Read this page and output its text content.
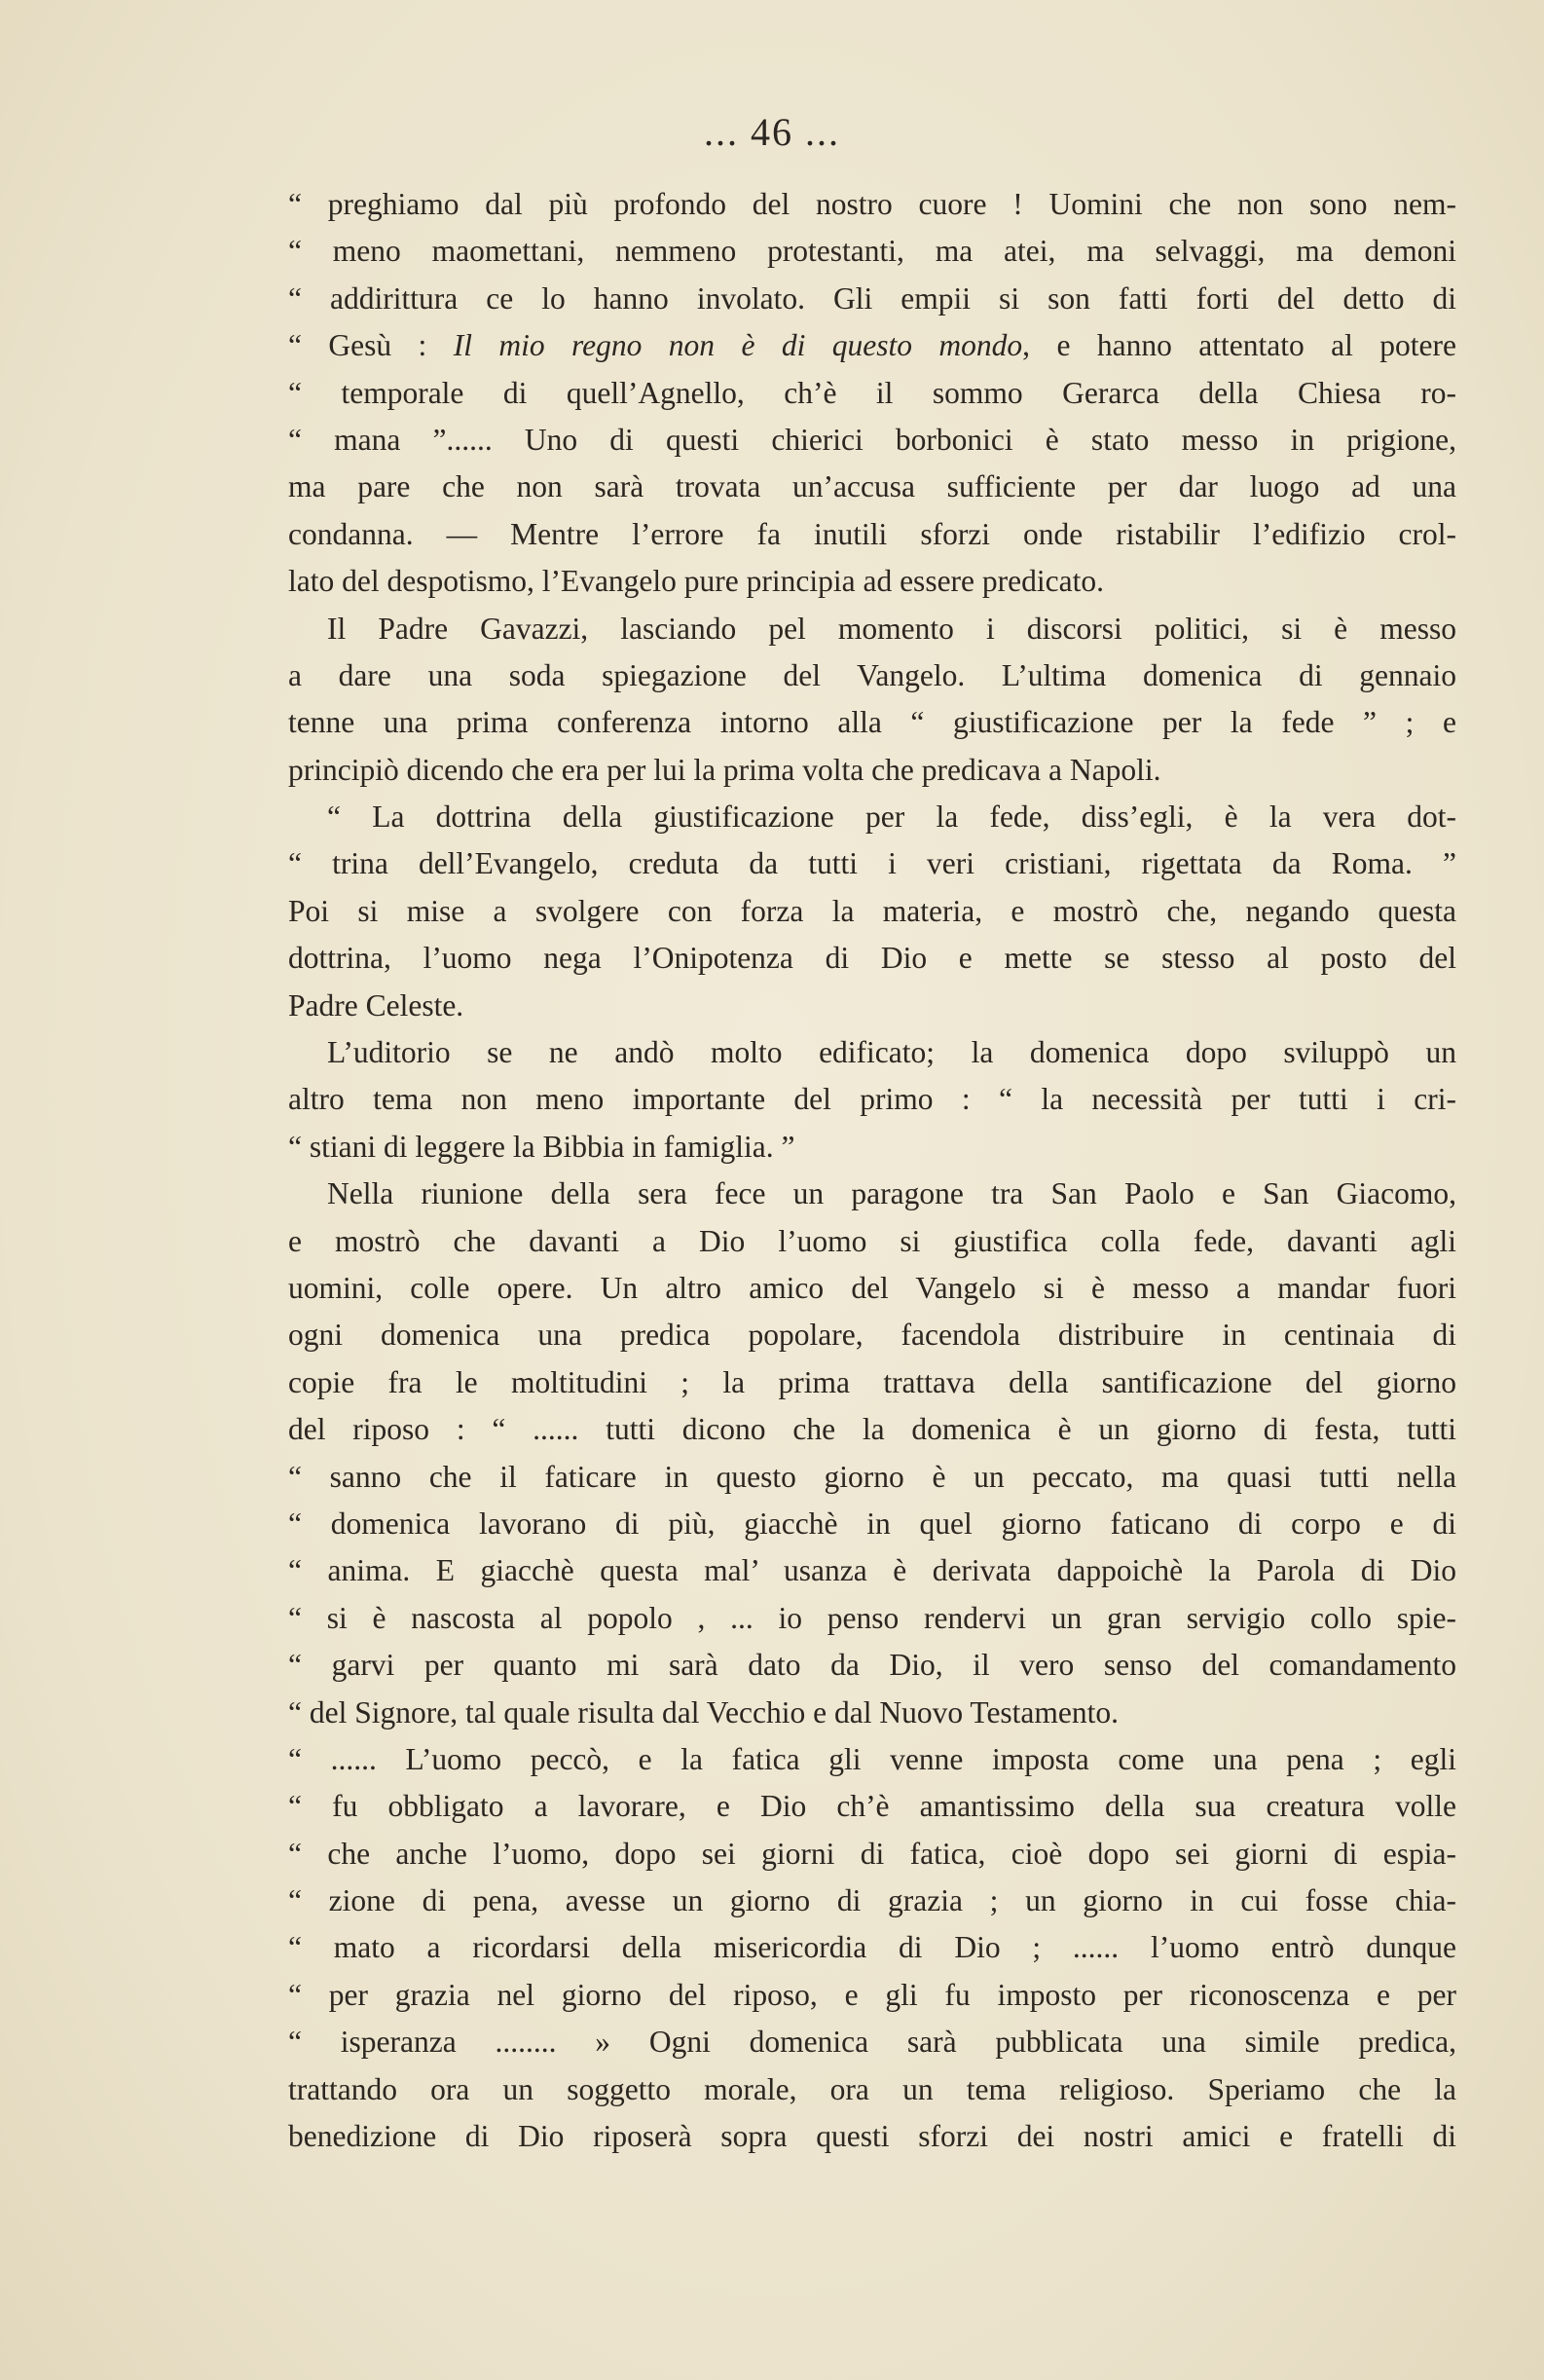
... 46 ...
“ preghiamo dal più profondo del nostro cuore ! Uomini che non sono nem-
“ meno maomettani, nemmeno protestanti, ma atei, ma selvaggi, ma demoni
“ addirittura ce lo hanno involato. Gli empii si son fatti forti del detto di
“ Gesù : Il mio regno non è di questo mondo, e hanno attentato al potere
“ temporale di quell’Agnello, ch’è il sommo Gerarca della Chiesa ro-
“ mana ”...... Uno di questi chierici borbonici è stato messo in prigione,
ma pare che non sarà trovata un’accusa sufficiente per dar luogo ad una
condanna. — Mentre l’errore fa inutili sforzi onde ristabilir l’edifizio crol-
lato del despotismo, l’Evangelo pure principia ad essere predicato.
Il Padre Gavazzi, lasciando pel momento i discorsi politici, si è messo
a dare una soda spiegazione del Vangelo. L’ultima domenica di gennaio
tenne una prima conferenza intorno alla “ giustificazione per la fede ” ; e
principiò dicendo che era per lui la prima volta che predicava a Napoli.
“ La dottrina della giustificazione per la fede, diss’egli, è la vera dot-
“ trina dell’Evangelo, creduta da tutti i veri cristiani, rigettata da Roma. ”
Poi si mise a svolgere con forza la materia, e mostrò che, negando questa
dottrina, l’uomo nega l’Onipotenza di Dio e mette se stesso al posto del
Padre Celeste.
L’uditorio se ne andò molto edificato; la domenica dopo sviluppò un
altro tema non meno importante del primo : “ la necessità per tutti i cri-
“ stiani di leggere la Bibbia in famiglia. ”
Nella riunione della sera fece un paragone tra San Paolo e San Giacomo,
e mostrò che davanti a Dio l’uomo si giustifica colla fede, davanti agli
uomini, colle opere. Un altro amico del Vangelo si è messo a mandar fuori
ogni domenica una predica popolare, facendola distribuire in centinaia di
copie fra le moltitudini ; la prima trattava della santificazione del giorno
del riposo : “ ...... tutti dicono che la domenica è un giorno di festa, tutti
“ sanno che il faticare in questo giorno è un peccato, ma quasi tutti nella
“ domenica lavorano di più, giacchè in quel giorno faticano di corpo e di
“ anima. E giacchè questa mal’ usanza è derivata dappoichè la Parola di Dio
“ si è nascosta al popolo , ... io penso rendervi un gran servigio collo spie-
“ garvi per quanto mi sarà dato da Dio, il vero senso del comandamento
“ del Signore, tal quale risulta dal Vecchio e dal Nuovo Testamento.
“ ...... L’uomo peccò, e la fatica gli venne imposta come una pena ; egli
“ fu obbligato a lavorare, e Dio ch’è amantissimo della sua creatura volle
“ che anche l’uomo, dopo sei giorni di fatica, cioè dopo sei giorni di espia-
“ zione di pena, avesse un giorno di grazia ; un giorno in cui fosse chia-
“ mato a ricordarsi della misericordia di Dio ; ...... l’uomo entrò dunque
“ per grazia nel giorno del riposo, e gli fu imposto per riconoscenza e per
“ isperanza ........ » Ogni domenica sarà pubblicata una simile predica,
trattando ora un soggetto morale, ora un tema religioso. Speriamo che la
benedizione di Dio riposerà sopra questi sforzi dei nostri amici e fratelli di
